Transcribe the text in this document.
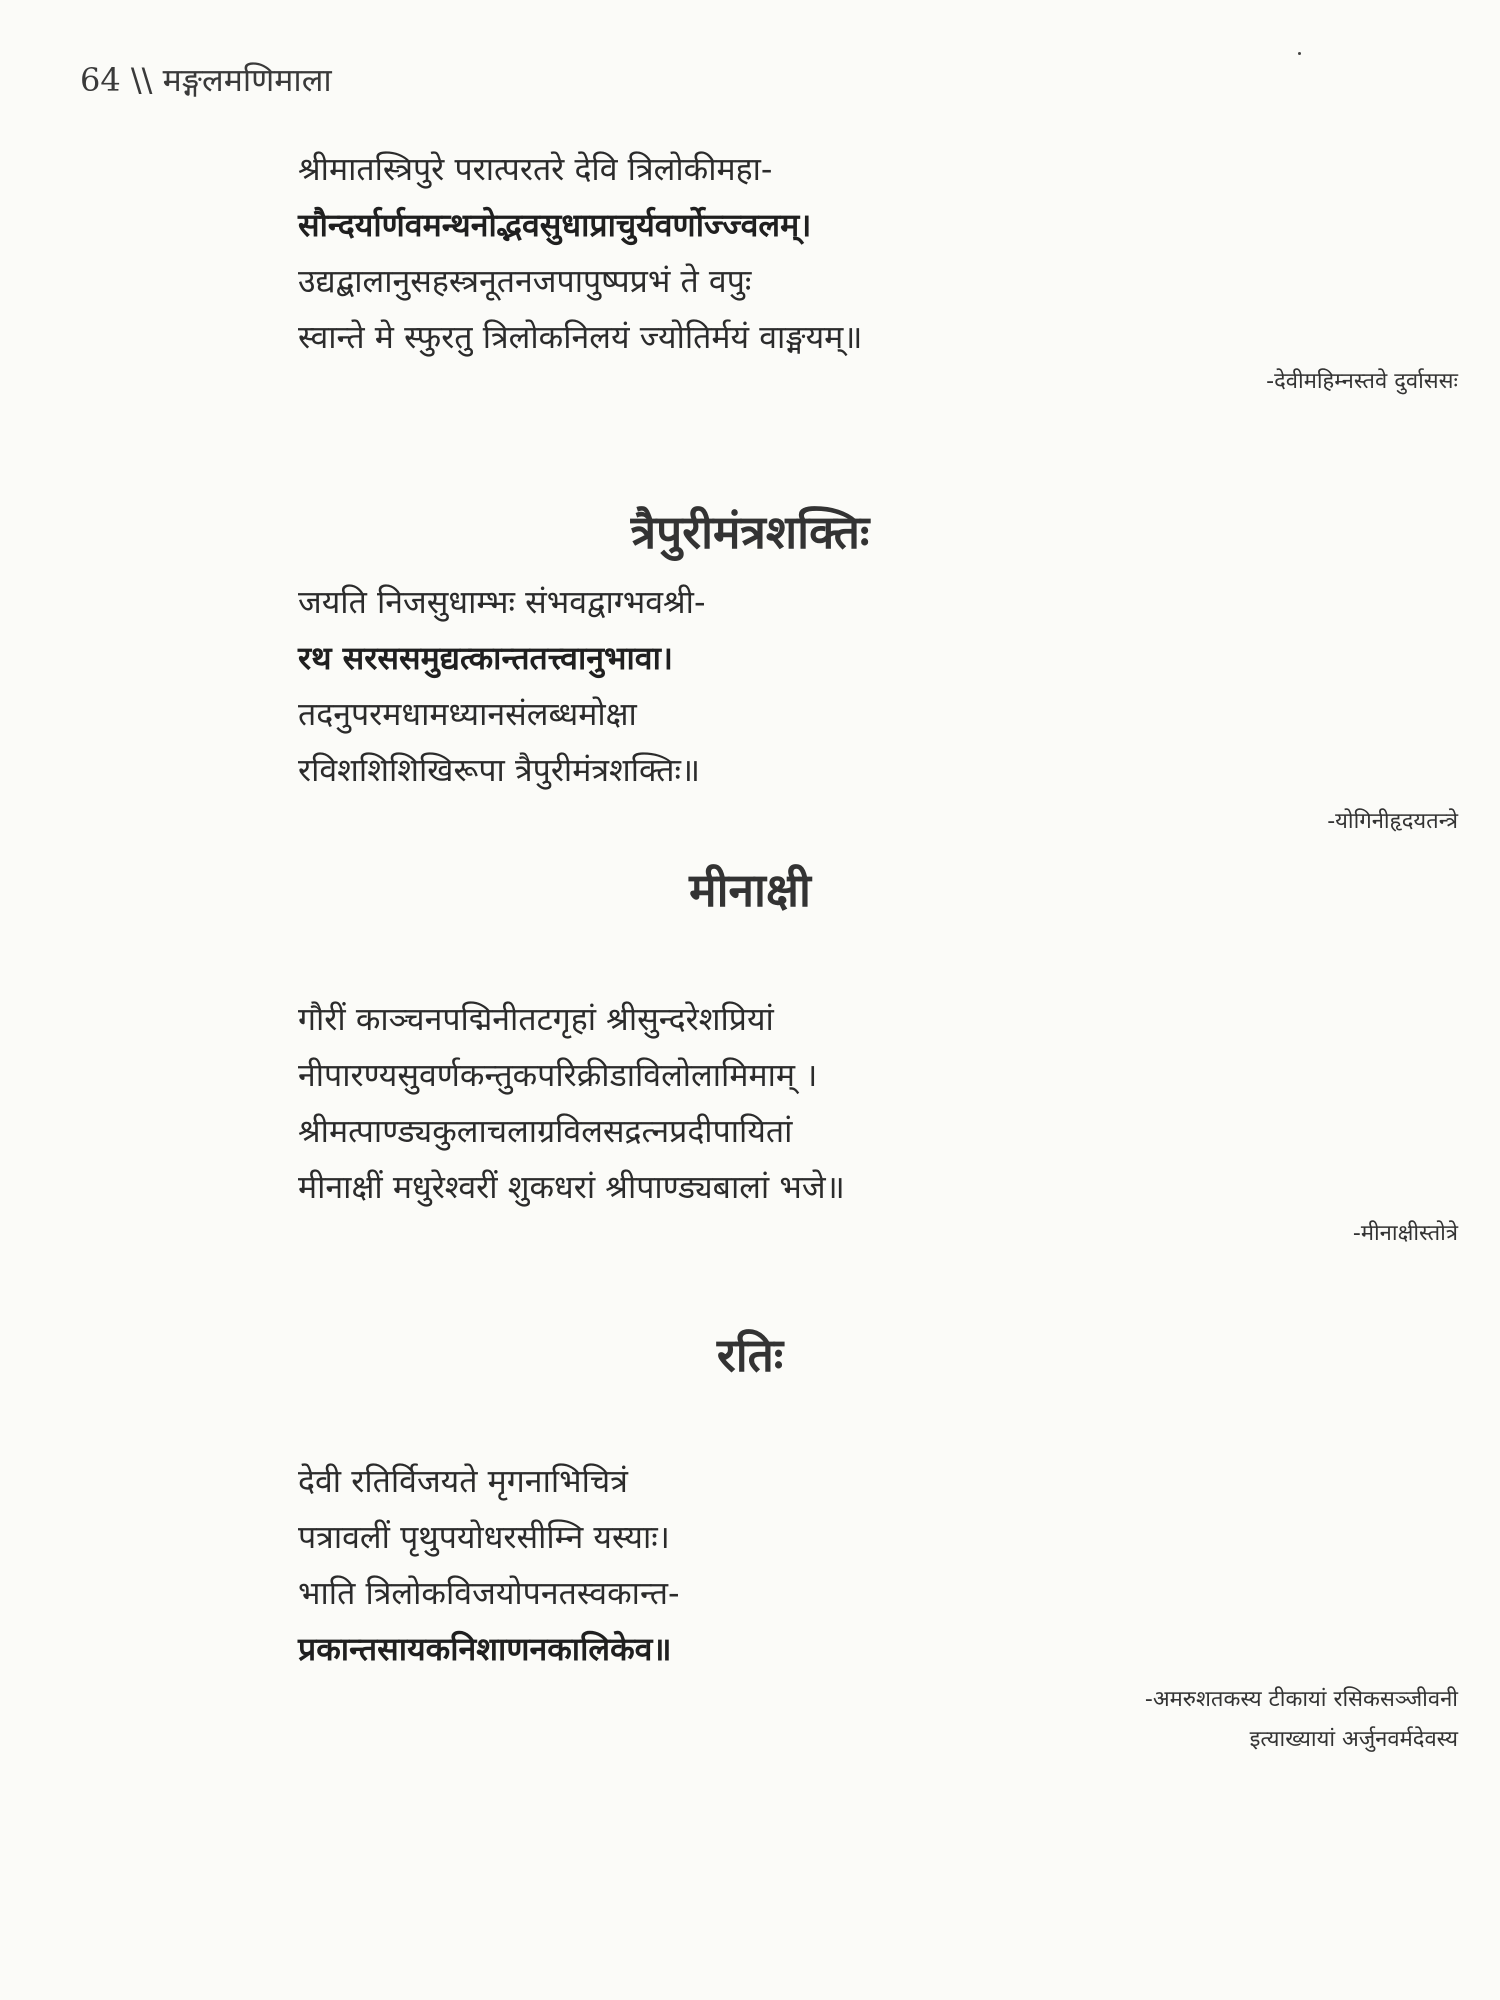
64 \\ मङ्गलमणिमाला
श्रीमातस्त्रिपुरे परात्परतरे देवि त्रिलोकीमहा-
सौन्दर्यार्णवमन्थनोद्भवसुधाप्राचुर्यवर्णोज्ज्वलम्।
उद्यद्बालानुसहस्त्रनूतनजपापुष्पप्रभं ते वपुः
स्वान्ते मे स्फुरतु त्रिलोकनिलयं ज्योतिर्मयं वाङ्मयम्॥
-देवीमहिम्नस्तवे दुर्वाससः
त्रैपुरीमंत्रशक्तिः
जयति निजसुधाम्भः संभवद्वाग्भवश्री-
रथ सरससमुद्यत्कान्ततत्त्वानुभावा।
तदनुपरमधामध्यानसंलब्धमोक्षा
रविशशिशिखिरूपा त्रैपुरीमंत्रशक्तिः॥
-योगिनीहृदयतन्त्रे
मीनाक्षी
गौरीं काञ्चनपद्मिनीतटगृहां श्रीसुन्दरेशप्रियां
नीपारण्यसुवर्णकन्तुकपरिक्रीडाविलोलामिमाम् ।
श्रीमत्पाण्ड्यकुलाचलाग्रविलसद्रत्नप्रदीपायितां
मीनाक्षीं मधुरेश्वरीं शुकधरां श्रीपाण्ड्यबालां भजे॥
-मीनाक्षीस्तोत्रे
रतिः
देवी रतिर्विजयते मृगनाभिचित्रं
पत्रावलीं पृथुपयोधरसीम्नि यस्याः।
भाति त्रिलोकविजयोपनतस्वकान्त-
प्रकान्तसायकनिशाणनकालिकेव॥
-अमरुशतकस्य टीकायां रसिकसञ्जीवनी
इत्याख्यायां अर्जुनवर्मदेवस्य
